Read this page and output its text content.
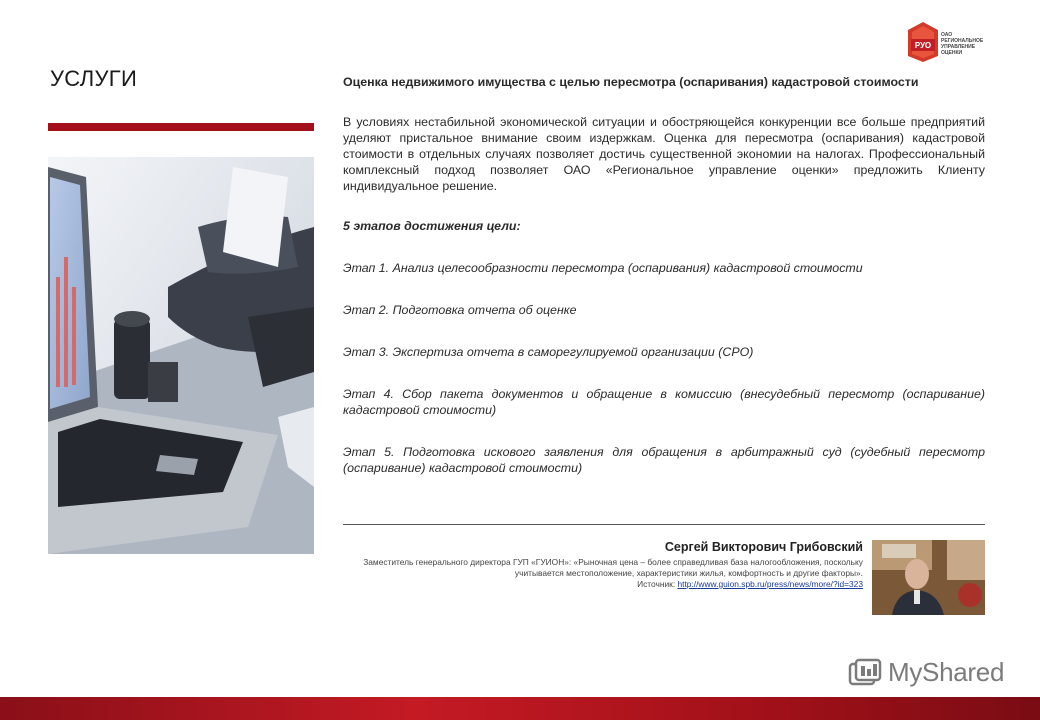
УСЛУГИ
РУО
ОАО РЕГИОНАЛЬНОЕ УПРАВЛЕНИЕ ОЦЕНКИ
Оценка недвижимого имущества с целью пересмотра (оспаривания) кадастровой стоимости
В условиях нестабильной экономической ситуации и обостряющейся конкуренции все больше предприятий уделяют пристальное внимание своим издержкам. Оценка для пересмотра (оспаривания) кадастровой стоимости в отдельных случаях позволяет достичь существенной экономии на налогах. Профессиональный комплексный подход позволяет ОАО «Региональное управление оценки» предложить Клиенту индивидуальное решение.
5 этапов достижения цели:
Этап 1. Анализ целесообразности пересмотра (оспаривания) кадастровой стоимости
Этап 2. Подготовка отчета об оценке
Этап 3. Экспертиза отчета в саморегулируемой организации (СРО)
Этап 4. Сбор пакета документов и обращение в комиссию (внесудебный пересмотр (оспаривание) кадастровой стоимости)
Этап 5. Подготовка искового заявления для обращения в арбитражный суд (судебный пересмотр (оспаривание) кадастровой стоимости)
Сергей Викторович Грибовский
Заместитель генерального директора ГУП «ГУИОН»: «Рыночная цена – более справедливая база налогообложения, поскольку учитывается местоположение, характеристики жилья, комфортность и другие факторы».
Источник: http://www.guion.spb.ru/press/news/more/?id=323
MyShared
